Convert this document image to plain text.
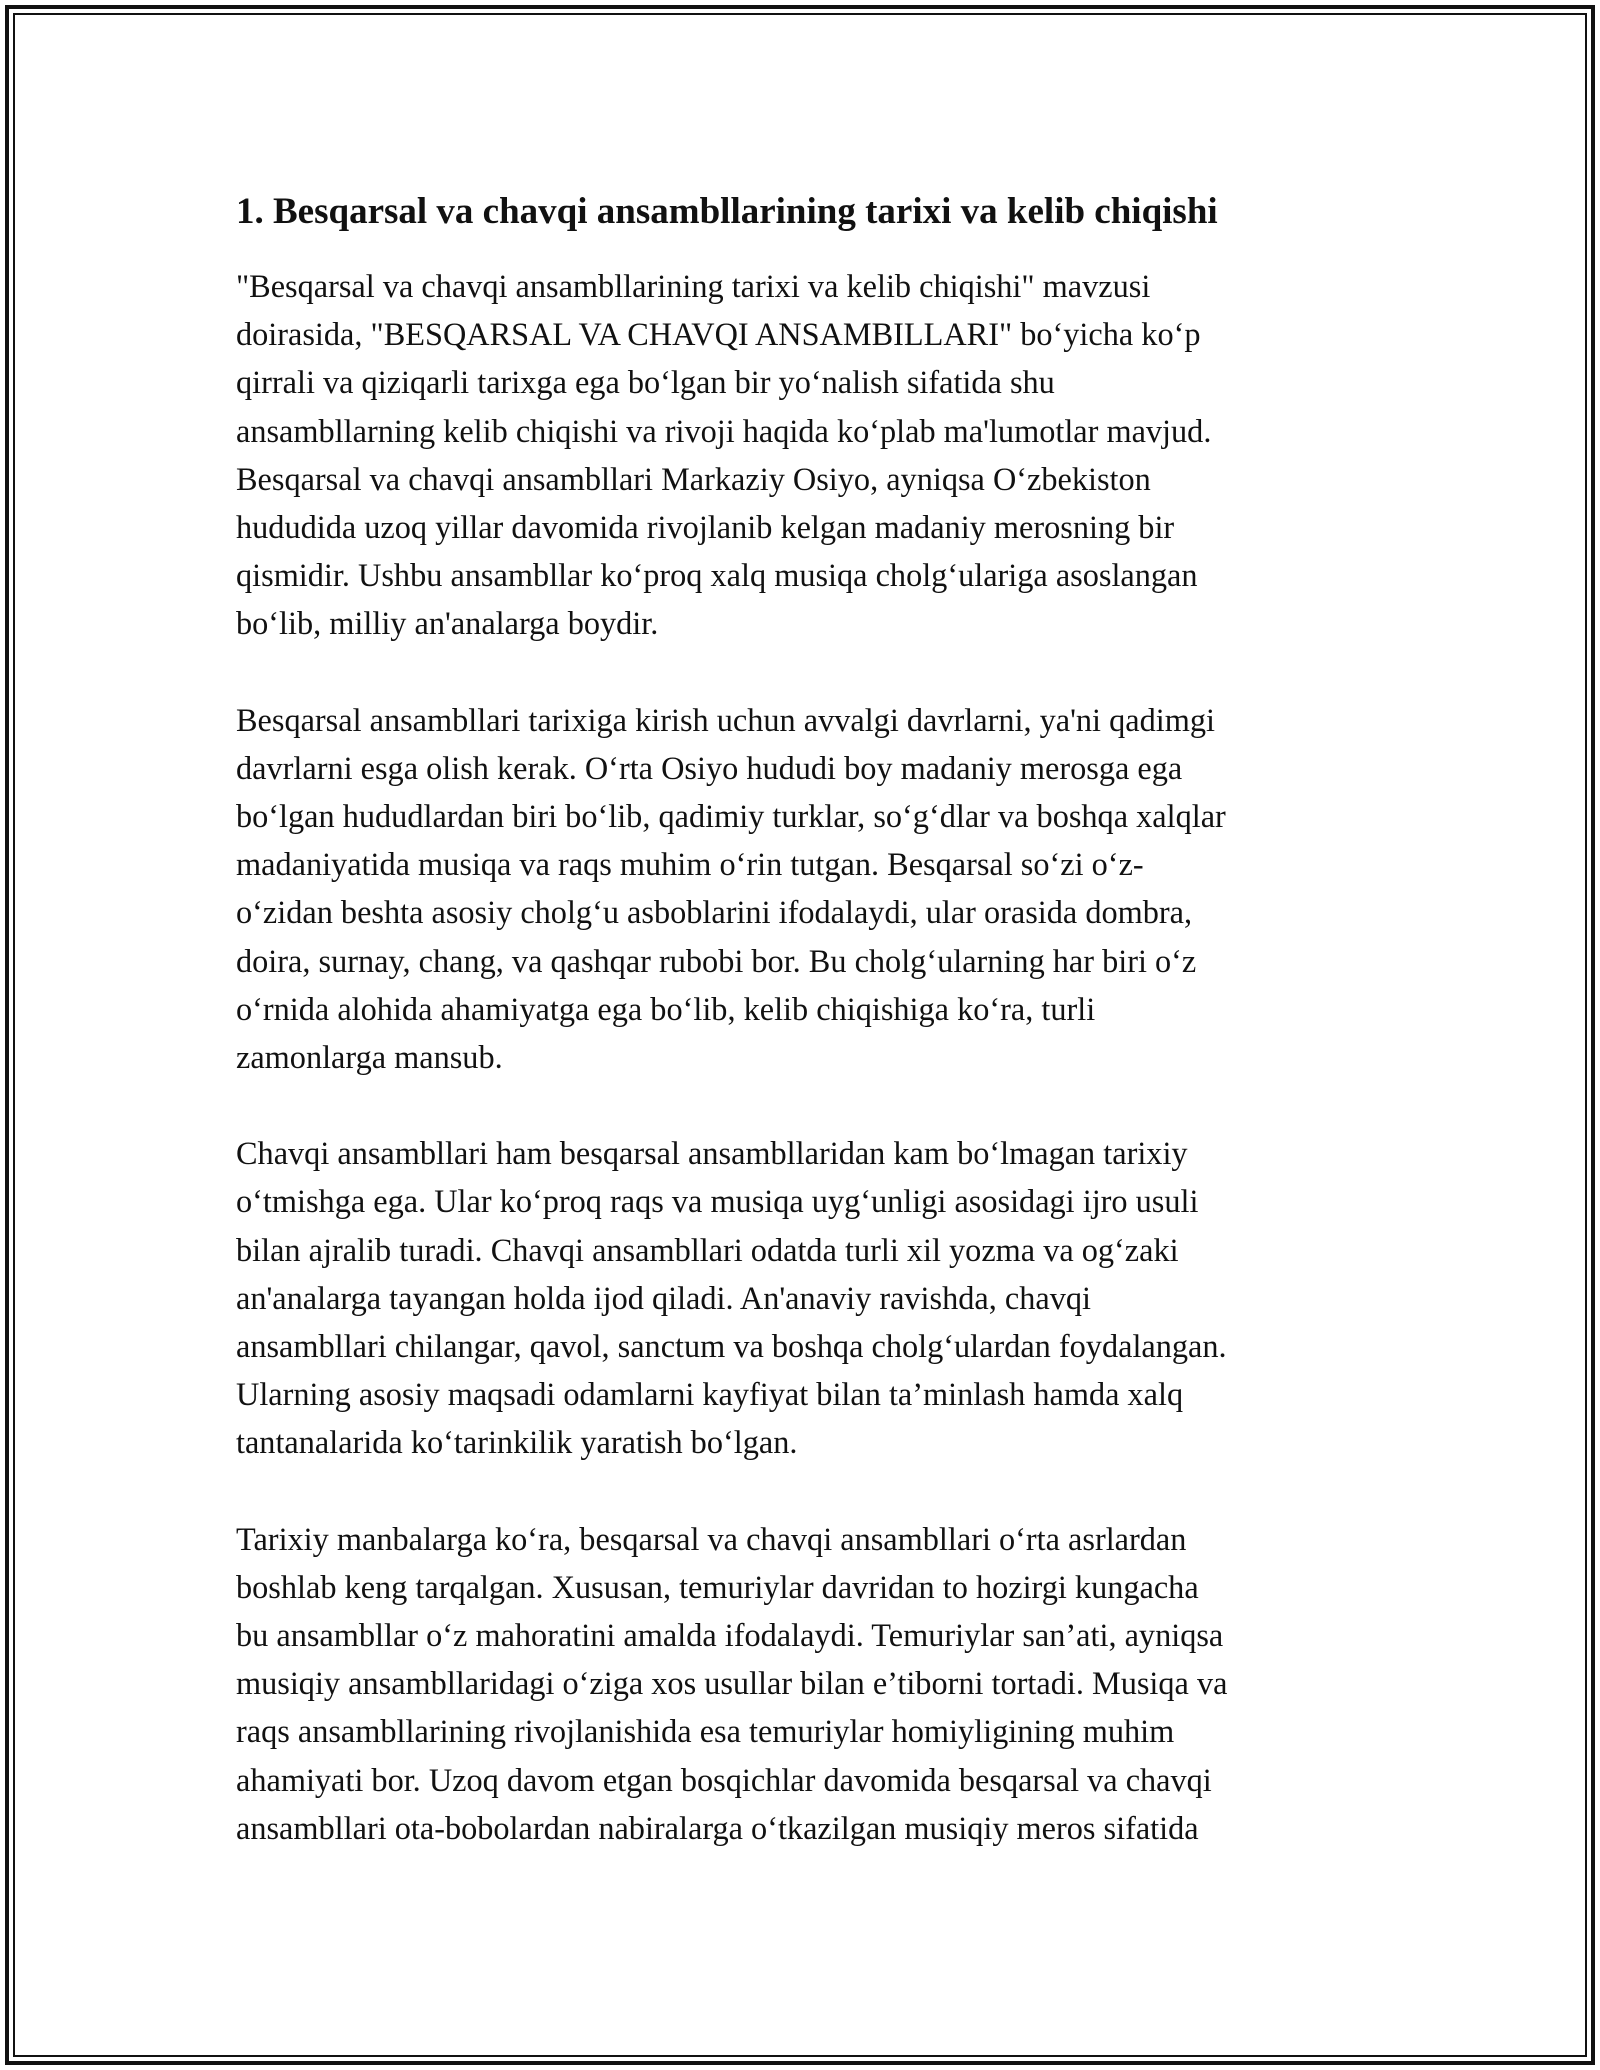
1. Besqarsal va chavqi ansambllarining tarixi va kelib chiqishi

"Besqarsal va chavqi ansambllarining tarixi va kelib chiqishi" mavzusi
doirasida, "BESQARSAL VA CHAVQI ANSAMBILLARI" bo‘yicha ko‘p
qirrali va qiziqarli tarixga ega bo‘lgan bir yo‘nalish sifatida shu
ansambllarning kelib chiqishi va rivoji haqida ko‘plab ma'lumotlar mavjud.
Besqarsal va chavqi ansambllari Markaziy Osiyo, ayniqsa O‘zbekiston
hududida uzoq yillar davomida rivojlanib kelgan madaniy merosning bir
qismidir. Ushbu ansambllar ko‘proq xalq musiqa cholg‘ulariga asoslangan
bo‘lib, milliy an'analarga boydir.

Besqarsal ansambllari tarixiga kirish uchun avvalgi davrlarni, ya'ni qadimgi
davrlarni esga olish kerak. O‘rta Osiyo hududi boy madaniy merosga ega
bo‘lgan hududlardan biri bo‘lib, qadimiy turklar, so‘g‘dlar va boshqa xalqlar
madaniyatida musiqa va raqs muhim o‘rin tutgan. Besqarsal so‘zi o‘z-
o‘zidan beshta asosiy cholg‘u asboblarini ifodalaydi, ular orasida dombra,
doira, surnay, chang, va qashqar rubobi bor. Bu cholg‘ularning har biri o‘z
o‘rnida alohida ahamiyatga ega bo‘lib, kelib chiqishiga ko‘ra, turli
zamonlarga mansub.

Chavqi ansambllari ham besqarsal ansambllaridan kam bo‘lmagan tarixiy
o‘tmishga ega. Ular ko‘proq raqs va musiqa uyg‘unligi asosidagi ijro usuli
bilan ajralib turadi. Chavqi ansambllari odatda turli xil yozma va og‘zaki
an'analarga tayangan holda ijod qiladi. An'anaviy ravishda, chavqi
ansambllari chilangar, qavol, sanctum va boshqa cholg‘ulardan foydalangan.
Ularning asosiy maqsadi odamlarni kayfiyat bilan ta’minlash hamda xalq
tantanalarida ko‘tarinkilik yaratish bo‘lgan.

Tarixiy manbalarga ko‘ra, besqarsal va chavqi ansambllari o‘rta asrlardan
boshlab keng tarqalgan. Xususan, temuriylar davridan to hozirgi kungacha
bu ansambllar o‘z mahoratini amalda ifodalaydi. Temuriylar san’ati, ayniqsa
musiqiy ansambllaridagi o‘ziga xos usullar bilan e’tiborni tortadi. Musiqa va
raqs ansambllarining rivojlanishida esa temuriylar homiyligining muhim
ahamiyati bor. Uzoq davom etgan bosqichlar davomida besqarsal va chavqi
ansambllari ota-bobolardan nabiralarga o‘tkazilgan musiqiy meros sifatida
